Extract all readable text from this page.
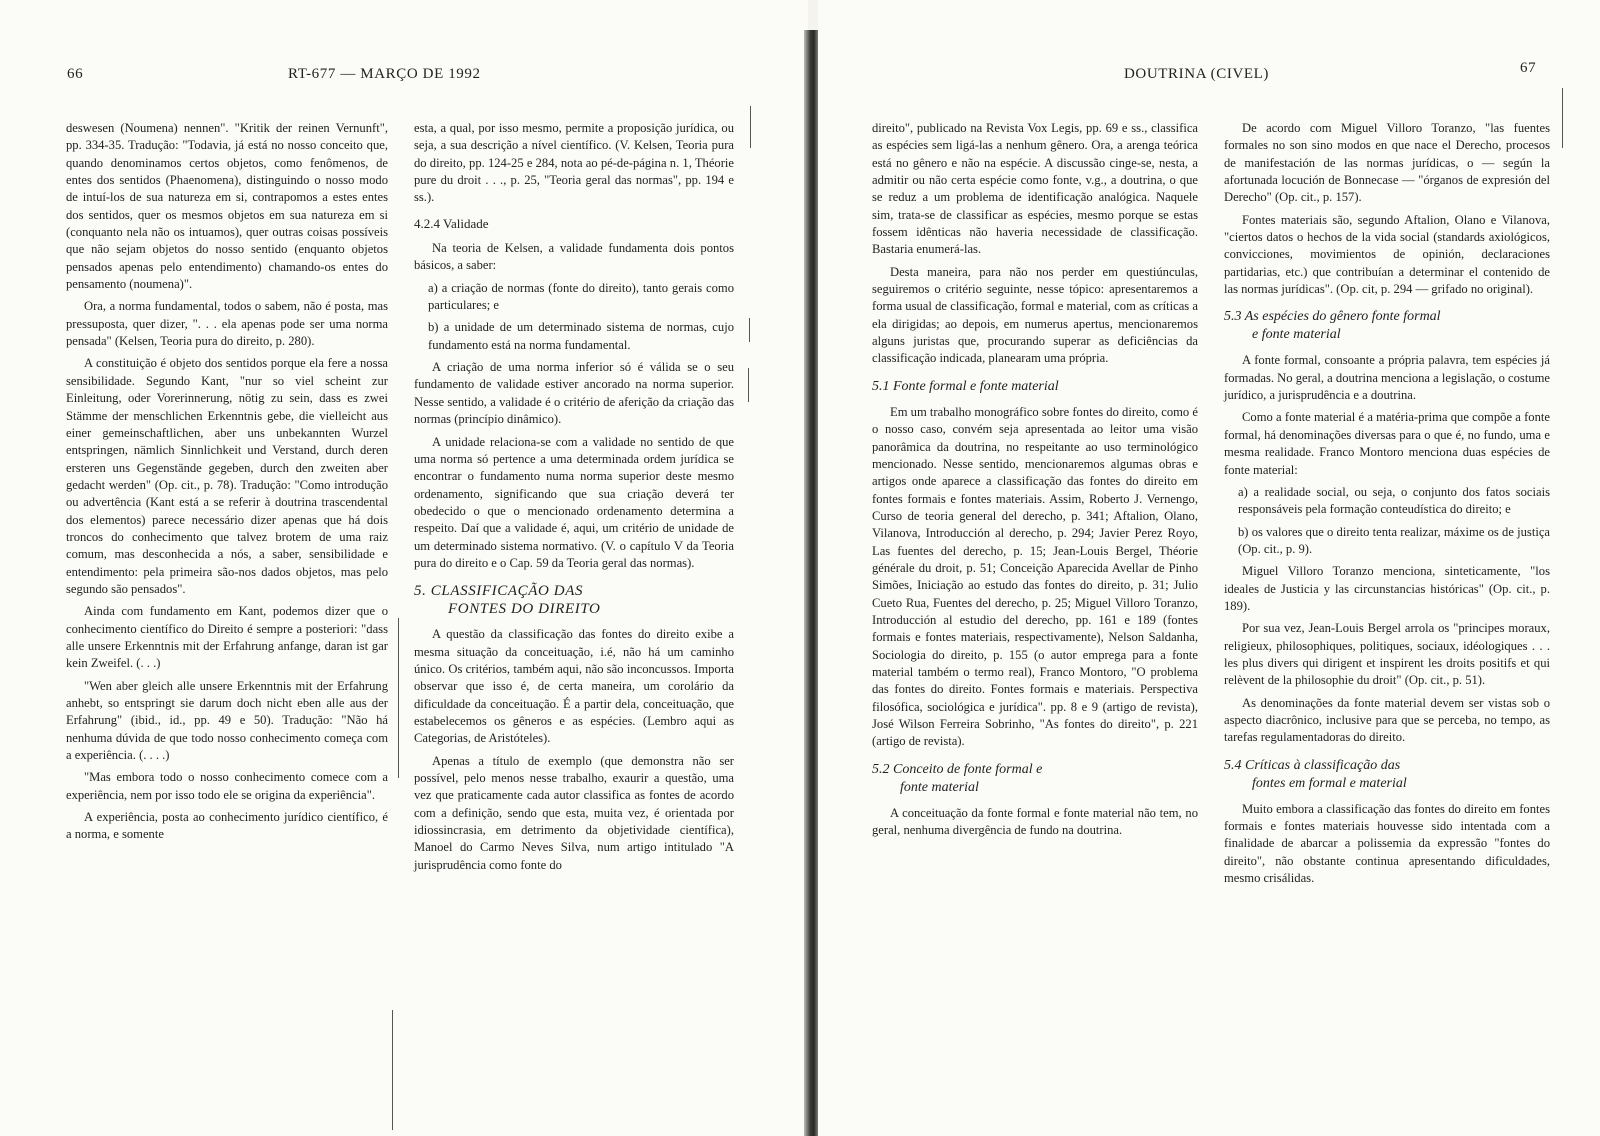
66	RT-677 — MARÇO DE 1992

deswesen (Noumena) nennen". "Kritik der reinen Vernunft", pp. 334-35. Tradução: "Todavia, já está no nosso conceito que, quando denominamos certos objetos, como fenômenos, de entes dos sentidos (Phaenomena), distinguindo o nosso modo de intuí-los de sua natureza em si, contrapomos a estes entes dos sentidos, quer os mesmos objetos em sua natureza em si (conquanto nela não os intuamos), quer outras coisas possíveis que não sejam objetos do nosso sentido (enquanto objetos pensados apenas pelo entendimento) chamando-os entes do pensamento (noumena)".

Ora, a norma fundamental, todos o sabem, não é posta, mas pressuposta, quer dizer, ". . . ela apenas pode ser uma norma pensada" (Kelsen, Teoria pura do direito, p. 280).

A constituição é objeto dos sentidos porque ela fere a nossa sensibilidade. Segundo Kant, "nur so viel scheint zur Einleitung, oder Vorerinnerung, nötig zu sein, dass es zwei Stämme der menschlichen Erkenntnis gebe, die vielleicht aus einer gemeinschaftlichen, aber uns unbekannten Wurzel entspringen, nämlich Sinnlichkeit und Verstand, durch deren ersteren uns Gegenstände gegeben, durch den zweiten aber gedacht werden" (Op. cit., p. 78). Tradução: "Como introdução ou advertência (Kant está a se referir à doutrina trascendental dos elementos) parece necessário dizer apenas que há dois troncos do conhecimento que talvez brotem de uma raiz comum, mas desconhecida a nós, a saber, sensibilidade e entendimento: pela primeira são-nos dados objetos, mas pelo segundo são pensados".

Ainda com fundamento em Kant, podemos dizer que o conhecimento científico do Direito é sempre a posteriori: "dass alle unsere Erkenntnis mit der Erfahrung anfange, daran ist gar kein Zweifel. (. . .)

"Wen aber gleich alle unsere Erkenntnis mit der Erfahrung anhebt, so entspringt sie darum doch nicht eben alle aus der Erfahrung" (ibid., id., pp. 49 e 50). Tradução: "Não há nenhuma dúvida de que todo nosso conhecimento começa com a experiência. (. . . .)

"Mas embora todo o nosso conhecimento comece com a experiência, nem por isso todo ele se origina da experiência".

A experiência, posta ao conhecimento jurídico científico, é a norma, e somente

esta, a qual, por isso mesmo, permite a proposição jurídica, ou seja, a sua descrição a nível científico. (V. Kelsen, Teoria pura do direito, pp. 124-25 e 284, nota ao pé-de-página n. 1, Théorie pure du droit . . ., p. 25, "Teoria geral das normas", pp. 194 e ss.).

4.2.4 Validade

Na teoria de Kelsen, a validade fundamenta dois pontos básicos, a saber:

a) a criação de normas (fonte do direito), tanto gerais como particulares; e

b) a unidade de um determinado sistema de normas, cujo fundamento está na norma fundamental.

A criação de uma norma inferior só é válida se o seu fundamento de validade estiver ancorado na norma superior. Nesse sentido, a validade é o critério de aferição da criação das normas (princípio dinâmico).

A unidade relaciona-se com a validade no sentido de que uma norma só pertence a uma determinada ordem jurídica se encontrar o fundamento numa norma superior deste mesmo ordenamento, significando que sua criação deverá ter obedecido o que o mencionado ordenamento determina a respeito. Daí que a validade é, aqui, um critério de unidade de um determinado sistema normativo. (V. o capítulo V da Teoria pura do direito e o Cap. 59 da Teoria geral das normas).

5. CLASSIFICAÇÃO DAS
FONTES DO DIREITO

A questão da classificação das fontes do direito exibe a mesma situação da conceituação, i.é, não há um caminho único. Os critérios, também aqui, não são inconcussos. Importa observar que isso é, de certa maneira, um corolário da dificuldade da conceituação. É a partir dela, conceituação, que estabelecemos os gêneros e as espécies. (Lembro aqui as Categorias, de Aristóteles).

Apenas a título de exemplo (que demonstra não ser possível, pelo menos nesse trabalho, exaurir a questão, uma vez que praticamente cada autor classifica as fontes de acordo com a definição, sendo que esta, muita vez, é orientada por idiossincrasia, em detrimento da objetividade científica), Manoel do Carmo Neves Silva, num artigo intitulado "A jurisprudência como fonte do

DOUTRINA (CIVEL)	67

direito", publicado na Revista Vox Legis, pp. 69 e ss., classifica as espécies sem ligá-las a nenhum gênero. Ora, a arenga teórica está no gênero e não na espécie. A discussão cinge-se, nesta, a admitir ou não certa espécie como fonte, v.g., a doutrina, o que se reduz a um problema de identificação analógica. Naquele sim, trata-se de classificar as espécies, mesmo porque se estas fossem idênticas não haveria necessidade de classificação. Bastaria enumerá-las.

Desta maneira, para não nos perder em questiúnculas, seguiremos o critério seguinte, nesse tópico: apresentaremos a forma usual de classificação, formal e material, com as críticas a ela dirigidas; ao depois, em numerus apertus, mencionaremos alguns juristas que, procurando superar as deficiências da classificação indicada, planearam uma própria.

5.1 Fonte formal e fonte material

Em um trabalho monográfico sobre fontes do direito, como é o nosso caso, convém seja apresentada ao leitor uma visão panorâmica da doutrina, no respeitante ao uso terminológico mencionado. Nesse sentido, mencionaremos algumas obras e artigos onde aparece a classificação das fontes do direito em fontes formais e fontes materiais. Assim, Roberto J. Vernengo, Curso de teoria general del derecho, p. 341; Aftalion, Olano, Vilanova, Introducción al derecho, p. 294; Javier Perez Royo, Las fuentes del derecho, p. 15; Jean-Louis Bergel, Théorie générale du droit, p. 51; Conceição Aparecida Avellar de Pinho Simões, Iniciação ao estudo das fontes do direito, p. 31; Julio Cueto Rua, Fuentes del derecho, p. 25; Miguel Villoro Toranzo, Introducción al estudio del derecho, pp. 161 e 189 (fontes formais e fontes materiais, respectivamente), Nelson Saldanha, Sociologia do direito, p. 155 (o autor emprega para a fonte material também o termo real), Franco Montoro, "O problema das fontes do direito. Fontes formais e materiais. Perspectiva filosófica, sociológica e jurídica". pp. 8 e 9 (artigo de revista), José Wilson Ferreira Sobrinho, "As fontes do direito", p. 221 (artigo de revista).

5.2 Conceito de fonte formal e
fonte material

A conceituação da fonte formal e fonte material não tem, no geral, nenhuma divergência de fundo na doutrina.

De acordo com Miguel Villoro Toranzo, "las fuentes formales no son sino modos en que nace el Derecho, procesos de manifestación de las normas jurídicas, o — según la afortunada locución de Bonnecase — "órganos de expresión del Derecho" (Op. cit., p. 157).

Fontes materiais são, segundo Aftalion, Olano e Vilanova, "ciertos datos o hechos de la vida social (standards axiológicos, convicciones, movimientos de opinión, declaraciones partidarias, etc.) que contribuían a determinar el contenido de las normas jurídicas". (Op. cit, p. 294 — grifado no original).

5.3 As espécies do gênero fonte formal
e fonte material

A fonte formal, consoante a própria palavra, tem espécies já formadas. No geral, a doutrina menciona a legislação, o costume jurídico, a jurisprudência e a doutrina.

Como a fonte material é a matéria-prima que compõe a fonte formal, há denominações diversas para o que é, no fundo, uma e mesma realidade. Franco Montoro menciona duas espécies de fonte material:

a) a realidade social, ou seja, o conjunto dos fatos sociais responsáveis pela formação conteudística do direito; e

b) os valores que o direito tenta realizar, máxime os de justiça (Op. cit., p. 9).

Miguel Villoro Toranzo menciona, sinteticamente, "los ideales de Justicia y las circunstancias históricas" (Op. cit., p. 189).

Por sua vez, Jean-Louis Bergel arrola os "principes moraux, religieux, philosophiques, politiques, sociaux, idéologiques . . . les plus divers qui dirigent et inspirent les droits positifs et qui relèvent de la philosophie du droit" (Op. cit., p. 51).

As denominações da fonte material devem ser vistas sob o aspecto diacrônico, inclusive para que se perceba, no tempo, as tarefas regulamentadoras do direito.

5.4 Críticas à classificação das
fontes em formal e material

Muito embora a classificação das fontes do direito em fontes formais e fontes materiais houvesse sido intentada com a finalidade de abarcar a polissemia da expressão "fontes do direito", não obstante continua apresentando dificuldades, mesmo crisálidas.
